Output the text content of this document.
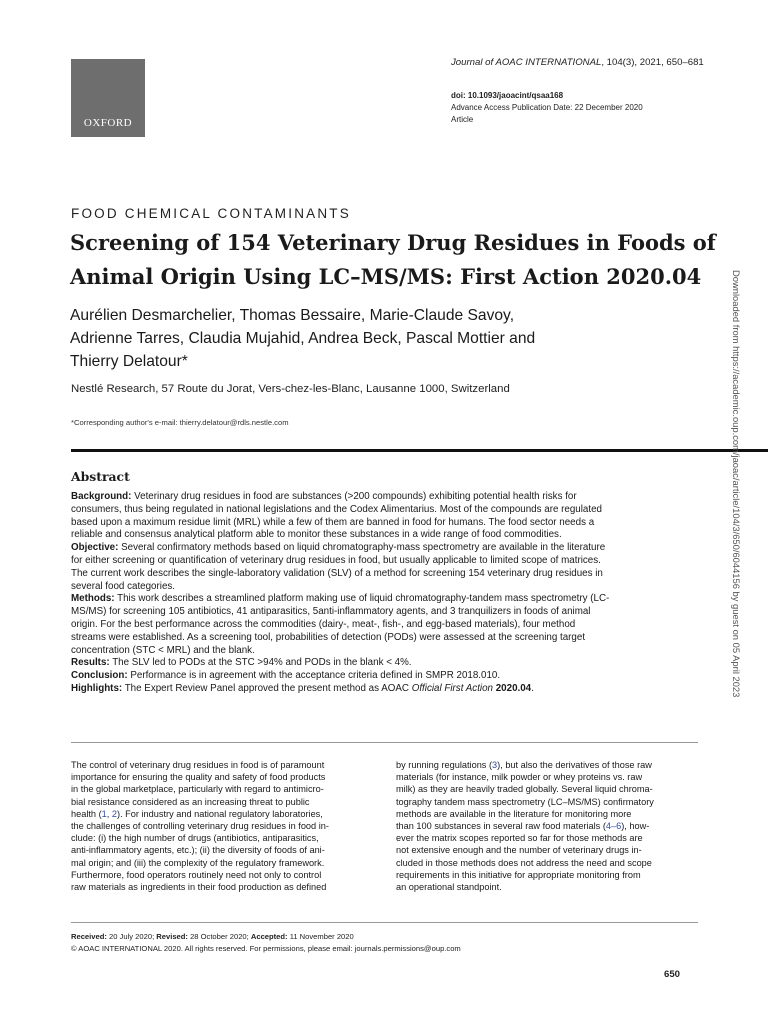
OXFORD
Journal of AOAC INTERNATIONAL, 104(3), 2021, 650–681
doi: 10.1093/jaoacint/qsaa168
Advance Access Publication Date: 22 December 2020
Article
FOOD CHEMICAL CONTAMINANTS
Screening of 154 Veterinary Drug Residues in Foods of
Animal Origin Using LC–MS/MS: First Action 2020.04
Aurélien Desmarchelier, Thomas Bessaire, Marie-Claude Savoy,
Adrienne Tarres, Claudia Mujahid, Andrea Beck, Pascal Mottier and
Thierry Delatour*
Nestlé Research, 57 Route du Jorat, Vers-chez-les-Blanc, Lausanne 1000, Switzerland
*Corresponding author's e-mail: thierry.delatour@rdls.nestle.com
Abstract
Background: Veterinary drug residues in food are substances (>200 compounds) exhibiting potential health risks for
consumers, thus being regulated in national legislations and the Codex Alimentarius. Most of the compounds are regulated
based upon a maximum residue limit (MRL) while a few of them are banned in food for humans. The food sector needs a
reliable and consensus analytical platform able to monitor these substances in a wide range of food commodities.
Objective: Several confirmatory methods based on liquid chromatography-mass spectrometry are available in the literature
for either screening or quantification of veterinary drug residues in food, but usually applicable to limited scope of matrices.
The current work describes the single-laboratory validation (SLV) of a method for screening 154 veterinary drug residues in
several food categories.
Methods: This work describes a streamlined platform making use of liquid chromatography-tandem mass spectrometry (LC-
MS/MS) for screening 105 antibiotics, 41 antiparasitics, 5anti-inflammatory agents, and 3 tranquilizers in foods of animal
origin. For the best performance across the commodities (dairy-, meat-, fish-, and egg-based materials), four method
streams were established. As a screening tool, probabilities of detection (PODs) were assessed at the screening target
concentration (STC < MRL) and the blank.
Results: The SLV led to PODs at the STC >94% and PODs in the blank < 4%.
Conclusion: Performance is in agreement with the acceptance criteria defined in SMPR 2018.010.
Highlights: The Expert Review Panel approved the present method as AOAC Official First Action 2020.04.
The control of veterinary drug residues in food is of paramount
importance for ensuring the quality and safety of food products
in the global marketplace, particularly with regard to antimicro-
bial resistance considered as an increasing threat to public
health (1, 2). For industry and national regulatory laboratories,
the challenges of controlling veterinary drug residues in food in-
clude: (i) the high number of drugs (antibiotics, antiparasitics,
anti-inflammatory agents, etc.); (ii) the diversity of foods of ani-
mal origin; and (iii) the complexity of the regulatory framework.
Furthermore, food operators routinely need not only to control
raw materials as ingredients in their food production as defined
by running regulations (3), but also the derivatives of those raw
materials (for instance, milk powder or whey proteins vs. raw
milk) as they are heavily traded globally. Several liquid chroma-
tography tandem mass spectrometry (LC–MS/MS) confirmatory
methods are available in the literature for monitoring more
than 100 substances in several raw food materials (4–6), how-
ever the matrix scopes reported so far for those methods are
not extensive enough and the number of veterinary drugs in-
cluded in those methods does not address the need and scope
requirements in this initiative for appropriate monitoring from
an operational standpoint.
Received: 20 July 2020; Revised: 28 October 2020; Accepted: 11 November 2020
© AOAC INTERNATIONAL 2020. All rights reserved. For permissions, please email: journals.permissions@oup.com
650
Downloaded from https://academic.oup.com/jaoac/article/104/3/650/6044156 by guest on 05 April 2023
